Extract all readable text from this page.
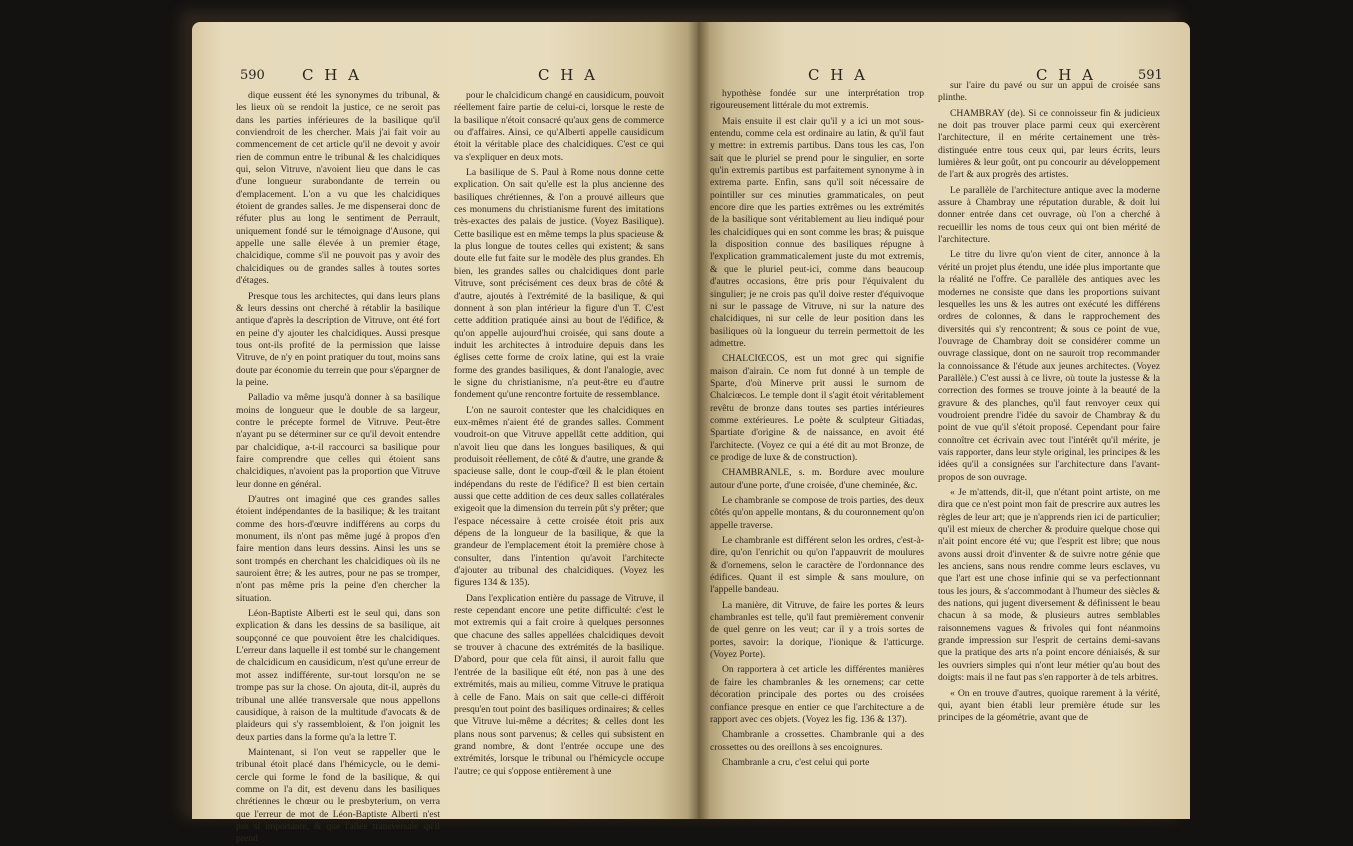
590 C H A	C H A

dique eussent été les synonymes du tribunal, & les lieux où se rendoit la justice, ce ne seroit pas dans les parties inférieures de la basilique qu'il conviendroit de les chercher. Mais j'ai fait voir au commencement de cet article qu'il ne devoit y avoir rien de commun entre le tribunal & les chalcidiques qui, selon Vitruve, n'avoient lieu que dans le cas d'une longueur surabondante de terrein ou d'emplacement. L'on a vu que les chalcidiques étoient de grandes salles. Je me dispenserai donc de réfuter plus au long le sentiment de Perrault, uniquement fondé sur le témoignage d'Ausone, qui appelle une salle élevée à un premier étage, chalcidique, comme s'il ne pouvoit pas y avoir des chalcidiques ou de grandes salles à toutes sortes d'étages.

Presque tous les architectes, qui dans leurs plans & leurs dessins ont cherché à rétablir la basilique antique d'après la description de Vitruve, ont été fort en peine d'y ajouter les chalcidiques. Aussi presque tous ont-ils profité de la permission que laisse Vitruve, de n'y en point pratiquer du tout, moins sans doute par économie du terrein que pour s'épargner de la peine.

Palladio va même jusqu'à donner à sa basilique moins de longueur que le double de sa largeur, contre le précepte formel de Vitruve. Peut-être n'ayant pu se déterminer sur ce qu'il devoit entendre par chalcidique, a-t-il raccourci sa basilique pour faire comprendre que celles qui étoient sans chalcidiques, n'avoient pas la proportion que Vitruve leur donne en général.

D'autres ont imaginé que ces grandes salles étoient indépendantes de la basilique; & les traitant comme des hors-d'œuvre indifférens au corps du monument, ils n'ont pas même jugé à propos d'en faire mention dans leurs dessins. Ainsi les uns se sont trompés en cherchant les chalcidiques où ils ne sauroient être; & les autres, pour ne pas se tromper, n'ont pas même pris la peine d'en chercher la situation.

Léon-Baptiste Alberti est le seul qui, dans son explication & dans les dessins de sa basilique, ait soupçonné ce que pouvoient être les chalcidiques. L'erreur dans laquelle il est tombé sur le changement de chalcidicum en causidicum, n'est qu'une erreur de mot assez indifférente, sur-tout lorsqu'on ne se trompe pas sur la chose. On ajouta, dit-il, auprès du tribunal une allée transversale que nous appellons causidique, à raison de la multitude d'avocats & de plaideurs qui s'y rassembloient, & l'on joignit les deux parties dans la forme qu'a la lettre T.

Maintenant, si l'on veut se rappeller que le tribunal étoit placé dans l'hémicycle, ou le demi-cercle qui forme le fond de la basilique, & qui comme on l'a dit, est devenu dans les basiliques chrétiennes le chœur ou le presbyterium, on verra que l'erreur de mot de Léon-Baptiste Alberti n'est pas si importante, & que l'allée transversale qu'il prend

pour le chalcidicum changé en causidicum, pouvoit réellement faire partie de celui-ci, lorsque le reste de la basilique n'étoit consacré qu'aux gens de commerce ou d'affaires. Ainsi, ce qu'Alberti appelle causidicum étoit la véritable place des chalcidiques. C'est ce qui va s'expliquer en deux mots.

La basilique de S. Paul à Rome nous donne cette explication. On sait qu'elle est la plus ancienne des basiliques chrétiennes, & l'on a prouvé ailleurs que ces monumens du christianisme furent des imitations très-exactes des palais de justice. (Voyez Basilique). Cette basilique est en même temps la plus spacieuse & la plus longue de toutes celles qui existent; & sans doute elle fut faite sur le modèle des plus grandes. Eh bien, les grandes salles ou chalcidiques dont parle Vitruve, sont précisément ces deux bras de côté & d'autre, ajoutés à l'extrémité de la basilique, & qui donnent à son plan intérieur la figure d'un T. C'est cette addition pratiquée ainsi au bout de l'édifice, & qu'on appelle aujourd'hui croisée, qui sans doute a induit les architectes à introduire depuis dans les églises cette forme de croix latine, qui est la vraie forme des grandes basiliques, & dont l'analogie, avec le signe du christianisme, n'a peut-être eu d'autre fondement qu'une rencontre fortuite de ressemblance.

L'on ne sauroit contester que les chalcidiques en eux-mêmes n'aient été de grandes salles. Comment voudroit-on que Vitruve appellât cette addition, qui n'avoit lieu que dans les longues basiliques, & qui produisoit réellement, de côté & d'autre, une grande & spacieuse salle, dont le coup-d'œil & le plan étoient indépendans du reste de l'édifice? Il est bien certain aussi que cette addition de ces deux salles collatérales exigeoit que la dimension du terrein pût s'y prêter; que l'espace nécessaire à cette croisée étoit pris aux dépens de la longueur de la basilique, & que la grandeur de l'emplacement étoit la première chose à consulter, dans l'intention qu'avoit l'architecte d'ajouter au tribunal des chalcidiques. (Voyez les figures 134 & 135).

Dans l'explication entière du passage de Vitruve, il reste cependant encore une petite difficulté: c'est le mot extremis qui a fait croire à quelques personnes que chacune des salles appellées chalcidiques devoit se trouver à chacune des extrémités de la basilique. D'abord, pour que cela fût ainsi, il auroit fallu que l'entrée de la basilique eût été, non pas à une des extrémités, mais au milieu, comme Vitruve le pratiqua à celle de Fano. Mais on sait que celle-ci différoit presqu'en tout point des basiliques ordinaires; & celles que Vitruve lui-même a décrites; & celles dont les plans nous sont parvenus; & celles qui subsistent en grand nombre, & dont l'entrée occupe une des extrémités, lorsque le tribunal ou l'hémicycle occupe l'autre; ce qui s'oppose entièrement à une

C H A	C H A	591

hypothèse fondée sur une interprétation trop rigoureusement littérale du mot extremis.

Mais ensuite il est clair qu'il y a ici un mot sous-entendu, comme cela est ordinaire au latin, & qu'il faut y mettre: in extremis partibus. Dans tous les cas, l'on sait que le pluriel se prend pour le singulier, en sorte qu'in extremis partibus est parfaitement synonyme à in extrema parte. Enfin, sans qu'il soit nécessaire de pointiller sur ces minuties grammaticales, on peut encore dire que les parties extrêmes ou les extrémités de la basilique sont véritablement au lieu indiqué pour les chalcidiques qui en sont comme les bras; & puisque la disposition connue des basiliques répugne à l'explication grammaticalement juste du mot extremis, & que le pluriel peut-ici, comme dans beaucoup d'autres occasions, être pris pour l'équivalent du singulier; je ne crois pas qu'il doive rester d'équivoque ni sur le passage de Vitruve, ni sur la nature des chalcidiques, ni sur celle de leur position dans les basiliques où la longueur du terrein permettoit de les admettre.

CHALCIŒCOS, est un mot grec qui signifie maison d'airain. Ce nom fut donné à un temple de Sparte, d'où Minerve prit aussi le surnom de Chalciœcos. Le temple dont il s'agit étoit véritablement revêtu de bronze dans toutes ses parties intérieures comme extérieures. Le poète & sculpteur Gitiadas, Spartiate d'origine & de naissance, en avoit été l'architecte. (Voyez ce qui a été dit au mot Bronze, de ce prodige de luxe & de construction).

CHAMBRANLE, s. m. Bordure avec moulure autour d'une porte, d'une croisée, d'une cheminée, &c.

Le chambranle se compose de trois parties, des deux côtés qu'on appelle montans, & du couronnement qu'on appelle traverse.

Le chambranle est différent selon les ordres, c'est-à-dire, qu'on l'enrichit ou qu'on l'appauvrit de moulures & d'ornemens, selon le caractère de l'ordonnance des édifices. Quant il est simple & sans moulure, on l'appelle bandeau.

La manière, dit Vitruve, de faire les portes & leurs chambranles est telle, qu'il faut premièrement convenir de quel genre on les veut; car il y a trois sortes de portes, savoir: la dorique, l'ionique & l'atticurge. (Voyez Porte).

On rapportera à cet article les différentes manières de faire les chambranles & les ornemens; car cette décoration principale des portes ou des croisées confiance presque en entier ce que l'architecture a de rapport avec ces objets. (Voyez les fig. 136 & 137).

Chambranle a crossettes. Chambranle qui a des crossettes ou des oreillons à ses encoignures.

Chambranle a cru, c'est celui qui porte

sur l'aire du pavé ou sur un appui de croisée sans plinthe.

CHAMBRAY (de). Si ce connoisseur fin & judicieux ne doit pas trouver place parmi ceux qui exercèrent l'architecture, il en mérite certainement une très-distinguée entre tous ceux qui, par leurs écrits, leurs lumières & leur goût, ont pu concourir au développement de l'art & aux progrès des artistes.

Le parallèle de l'architecture antique avec la moderne assure à Chambray une réputation durable, & doit lui donner entrée dans cet ouvrage, où l'on a cherché à recueillir les noms de tous ceux qui ont bien mérité de l'architecture.

Le titre du livre qu'on vient de citer, annonce à la vérité un projet plus étendu, une idée plus importante que la réalité ne l'offre. Ce parallèle des antiques avec les modernes ne consiste que dans les proportions suivant lesquelles les uns & les autres ont exécuté les différens ordres de colonnes, & dans le rapprochement des diversités qui s'y rencontrent; & sous ce point de vue, l'ouvrage de Chambray doit se considérer comme un ouvrage classique, dont on ne sauroit trop recommander la connoissance & l'étude aux jeunes architectes. (Voyez Parallèle.) C'est aussi à ce livre, où toute la justesse & la correction des formes se trouve jointe à la beauté de la gravure & des planches, qu'il faut renvoyer ceux qui voudroient prendre l'idée du savoir de Chambray & du point de vue qu'il s'étoit proposé. Cependant pour faire connoître cet écrivain avec tout l'intérêt qu'il mérite, je vais rapporter, dans leur style original, les principes & les idées qu'il a consignées sur l'architecture dans l'avant-propos de son ouvrage.

« Je m'attends, dit-il, que n'étant point artiste, on me dira que ce n'est point mon fait de prescrire aux autres les règles de leur art; que je n'apprends rien ici de particulier; qu'il est mieux de chercher & produire quelque chose qui n'ait point encore été vu; que l'esprit est libre; que nous avons aussi droit d'inventer & de suivre notre génie que les anciens, sans nous rendre comme leurs esclaves, vu que l'art est une chose infinie qui se va perfectionnant tous les jours, & s'accommodant à l'humeur des siècles & des nations, qui jugent diversement & définissent le beau chacun à sa mode, & plusieurs autres semblables raisonnemens vagues & frivoles qui font néanmoins grande impression sur l'esprit de certains demi-savans que la pratique des arts n'a point encore déniaisés, & sur les ouvriers simples qui n'ont leur métier qu'au bout des doigts: mais il ne faut pas s'en rapporter à de tels arbitres.

« On en trouve d'autres, quoique rarement à la vérité, qui, ayant bien établi leur première étude sur les principes de la géométrie, avant que de
